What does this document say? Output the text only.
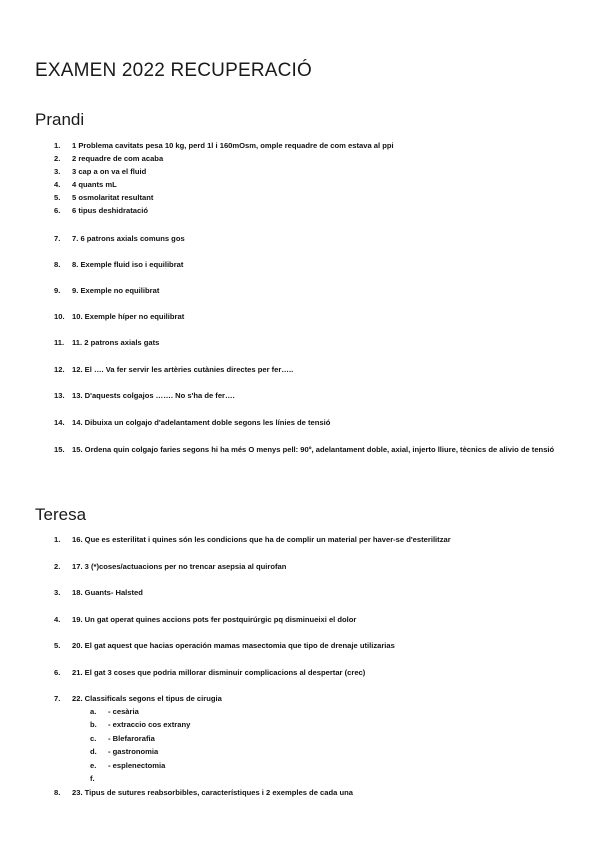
EXAMEN 2022 RECUPERACIÓ
Prandi
1. 1 Problema cavitats pesa 10 kg, perd 1l i 160mOsm, omple requadre de com estava al ppi
2. 2 requadre de com acaba
3. 3 cap a on va el fluid
4. 4 quants mL
5. 5 osmolaritat resultant
6. 6 tipus deshidratació
7. 7. 6 patrons axials comuns gos
8. 8. Exemple fluid iso i equilibrat
9. 9. Exemple no equilibrat
10. 10. Exemple híper no equilibrat
11. 11. 2 patrons axials gats
12. 12. El …. Va fer servir les artèries cutànies directes per fer…..
13. 13. D'aquests colgajos ……. No s'ha de fer….
14. 14. Dibuixa un colgajo d'adelantament doble segons les línies de tensió
15. 15. Ordena quin colgajo faries segons hi ha més O menys pell: 90º, adelantament doble, axial, injerto lliure, tècnics de alivio de tensió
Teresa
1. 16. Que es esterilitat i quines són les condicions que ha de complir un material per haver-se d'esterilitzar
2. 17. 3 (*)coses/actuacions per no trencar asepsia al quirofan
3. 18. Guants- Halsted
4. 19. Un gat operat quines accions pots fer postquirúrgic pq disminueixi el dolor
5. 20. El gat aquest que hacias operación mamas masectomia que tipo de drenaje utilizarias
6. 21. El gat 3 coses que podria millorar disminuir complicacions al despertar (crec)
7. 22. Classificals segons el tipus de cirugia
8. 23. Tipus de sutures reabsorbibles, característiques i 2 exemples de cada una
a. - cesària
b. - extraccio cos extrany
c. - Blefarorafia
d. - gastronomia
e. - esplenectomia
f.
